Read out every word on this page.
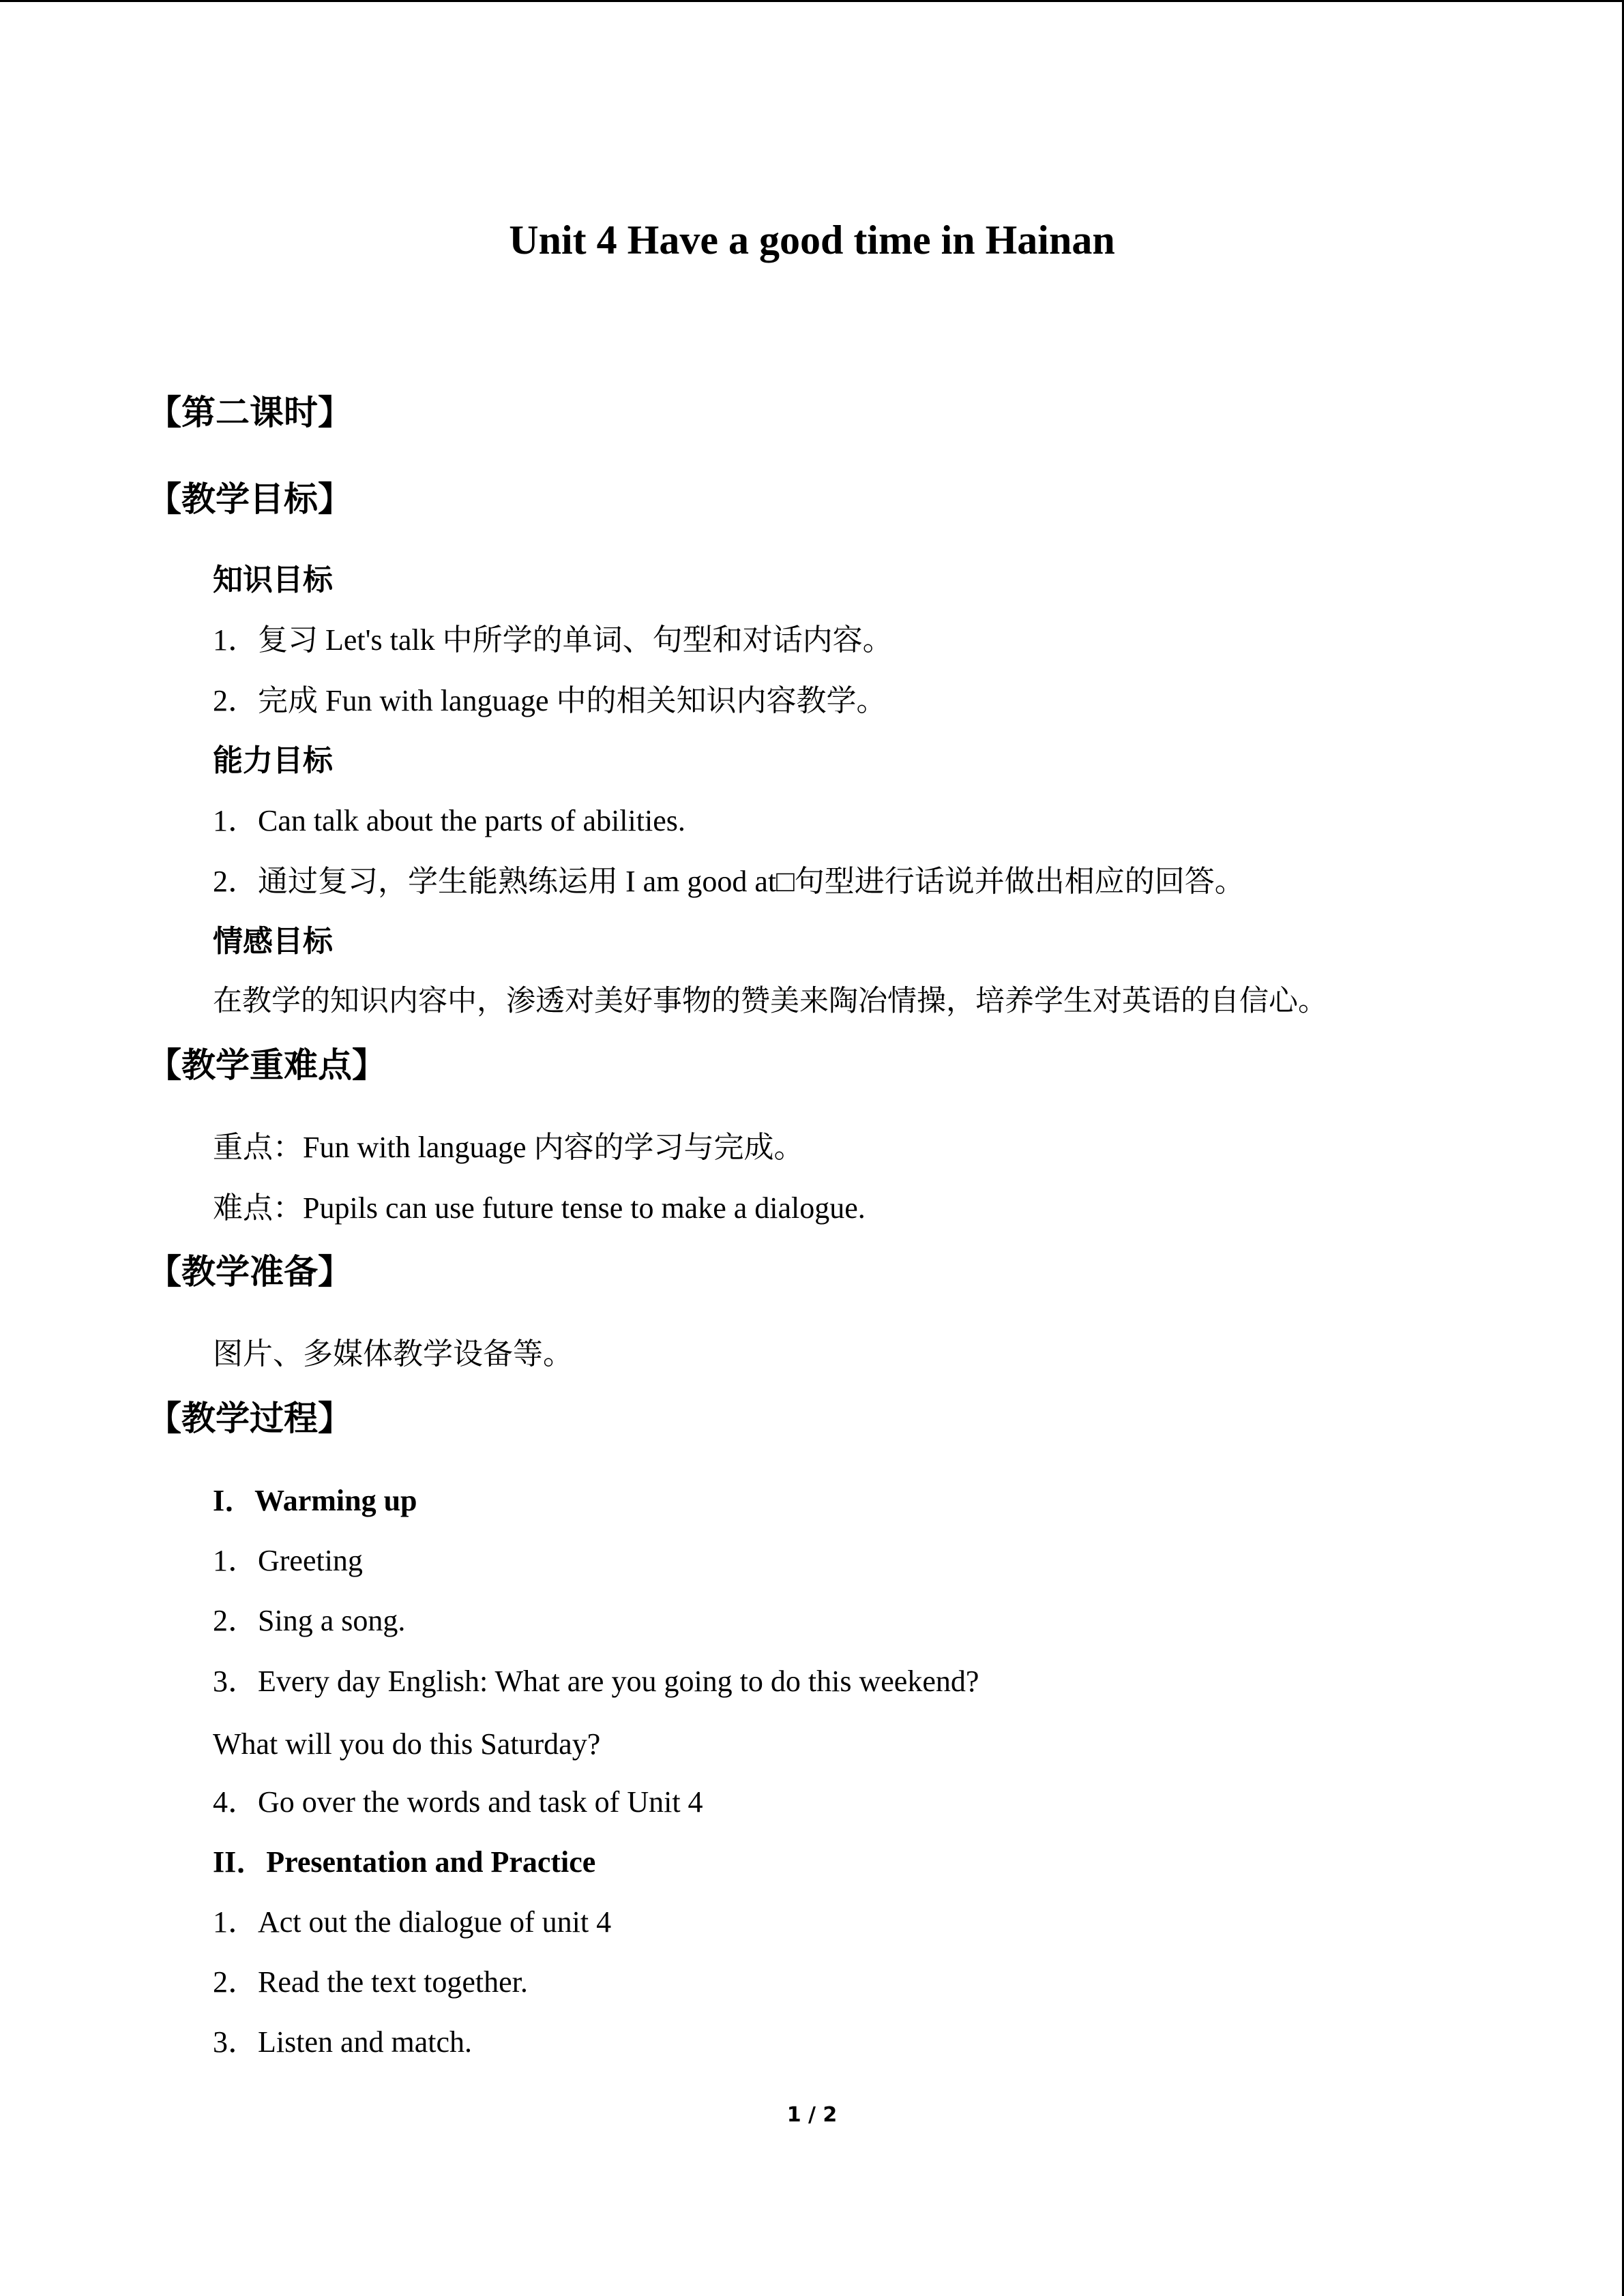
Unit 4 Have a good time in Hainan
【第二课时】
【教学目标】
知识目标
1．复习 Let's talk 中所学的单词、句型和对话内容。
2．完成 Fun with language 中的相关知识内容教学。
能力目标
1．Can talk about the parts of abilities.
2．通过复习，学生能熟练运用 I am good at□句型进行话说并做出相应的回答。
情感目标
在教学的知识内容中，渗透对美好事物的赞美来陶冶情操，培养学生对英语的自信心。
【教学重难点】
重点：Fun with language 内容的学习与完成。
难点：Pupils can use future tense to make a dialogue.
【教学准备】
图片、多媒体教学设备等。
【教学过程】
I．Warming up
1．Greeting
2．Sing a song.
3．Every day English: What are you going to do this weekend?
What will you do this Saturday?
4．Go over the words and task of Unit 4
II．Presentation and Practice
1．Act out the dialogue of unit 4
2．Read the text together.
3．Listen and match.
1 / 2
